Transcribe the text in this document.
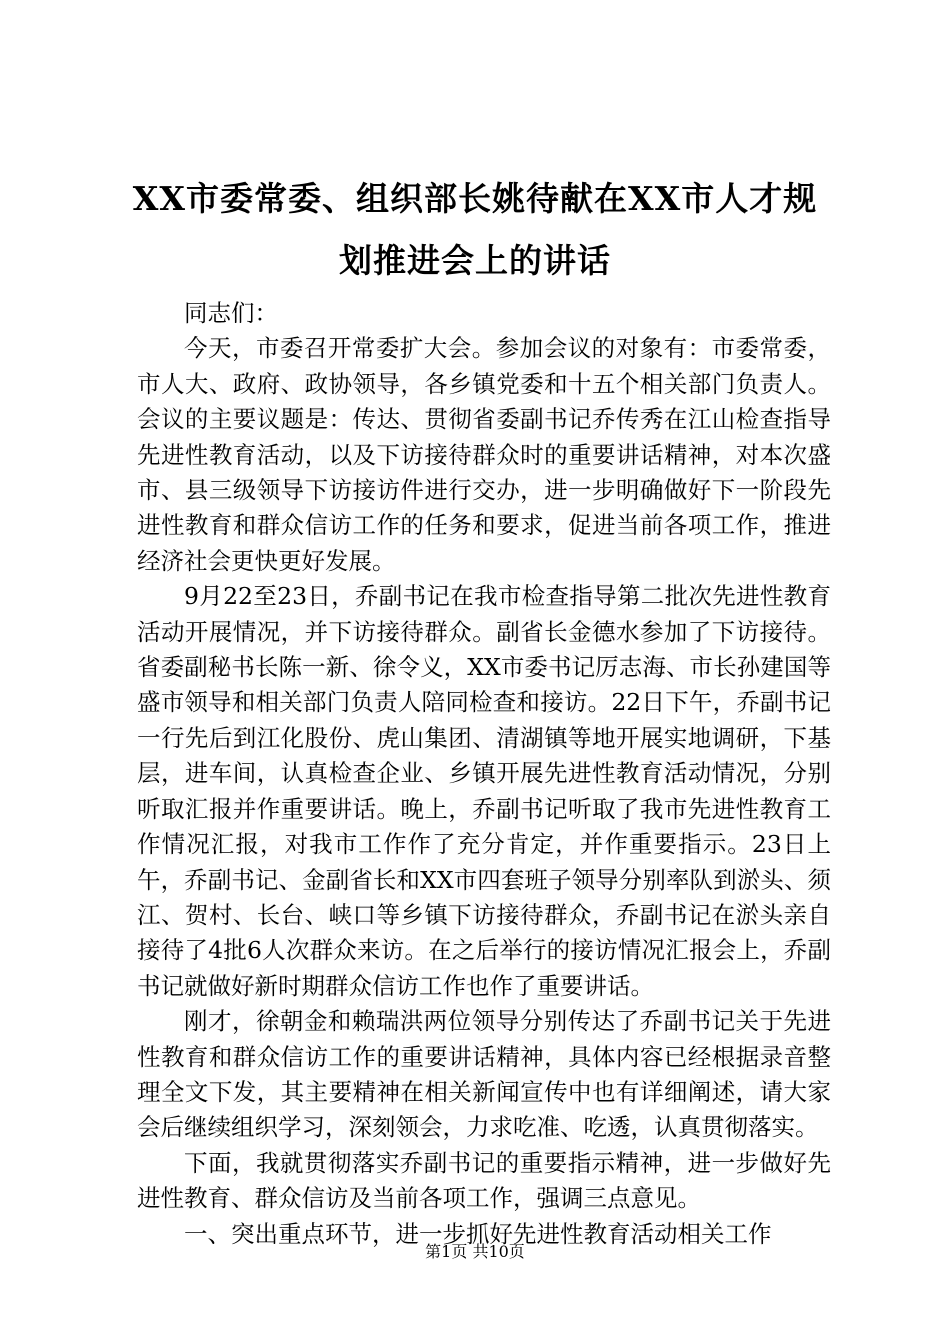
XX市委常委、组织部长姚待献在XX市人才规
划推进会上的讲话

同志们：

今天，市委召开常委扩大会。参加会议的对象有：市委常委，市人大、政府、政协领导，各乡镇党委和十五个相关部门负责人。会议的主要议题是：传达、贯彻省委副书记乔传秀在江山检查指导先进性教育活动，以及下访接待群众时的重要讲话精神，对本次盛市、县三级领导下访接访件进行交办，进一步明确做好下一阶段先进性教育和群众信访工作的任务和要求，促进当前各项工作，推进经济社会更快更好发展。

9月22至23日，乔副书记在我市检查指导第二批次先进性教育活动开展情况，并下访接待群众。副省长金德水参加了下访接待。省委副秘书长陈一新、徐令义，XX市委书记厉志海、市长孙建国等盛市领导和相关部门负责人陪同检查和接访。22日下午，乔副书记一行先后到江化股份、虎山集团、清湖镇等地开展实地调研，下基层，进车间，认真检查企业、乡镇开展先进性教育活动情况，分别听取汇报并作重要讲话。晚上，乔副书记听取了我市先进性教育工作情况汇报，对我市工作作了充分肯定，并作重要指示。23日上午，乔副书记、金副省长和XX市四套班子领导分别率队到淤头、须江、贺村、长台、峡口等乡镇下访接待群众，乔副书记在淤头亲自接待了4批6人次群众来访。在之后举行的接访情况汇报会上，乔副书记就做好新时期群众信访工作也作了重要讲话。

刚才，徐朝金和赖瑞洪两位领导分别传达了乔副书记关于先进性教育和群众信访工作的重要讲话精神，具体内容已经根据录音整理全文下发，其主要精神在相关新闻宣传中也有详细阐述，请大家会后继续组织学习，深刻领会，力求吃准、吃透，认真贯彻落实。

下面，我就贯彻落实乔副书记的重要指示精神，进一步做好先进性教育、群众信访及当前各项工作，强调三点意见。

一、突出重点环节，进一步抓好先进性教育活动相关工作

第1页 共10页
